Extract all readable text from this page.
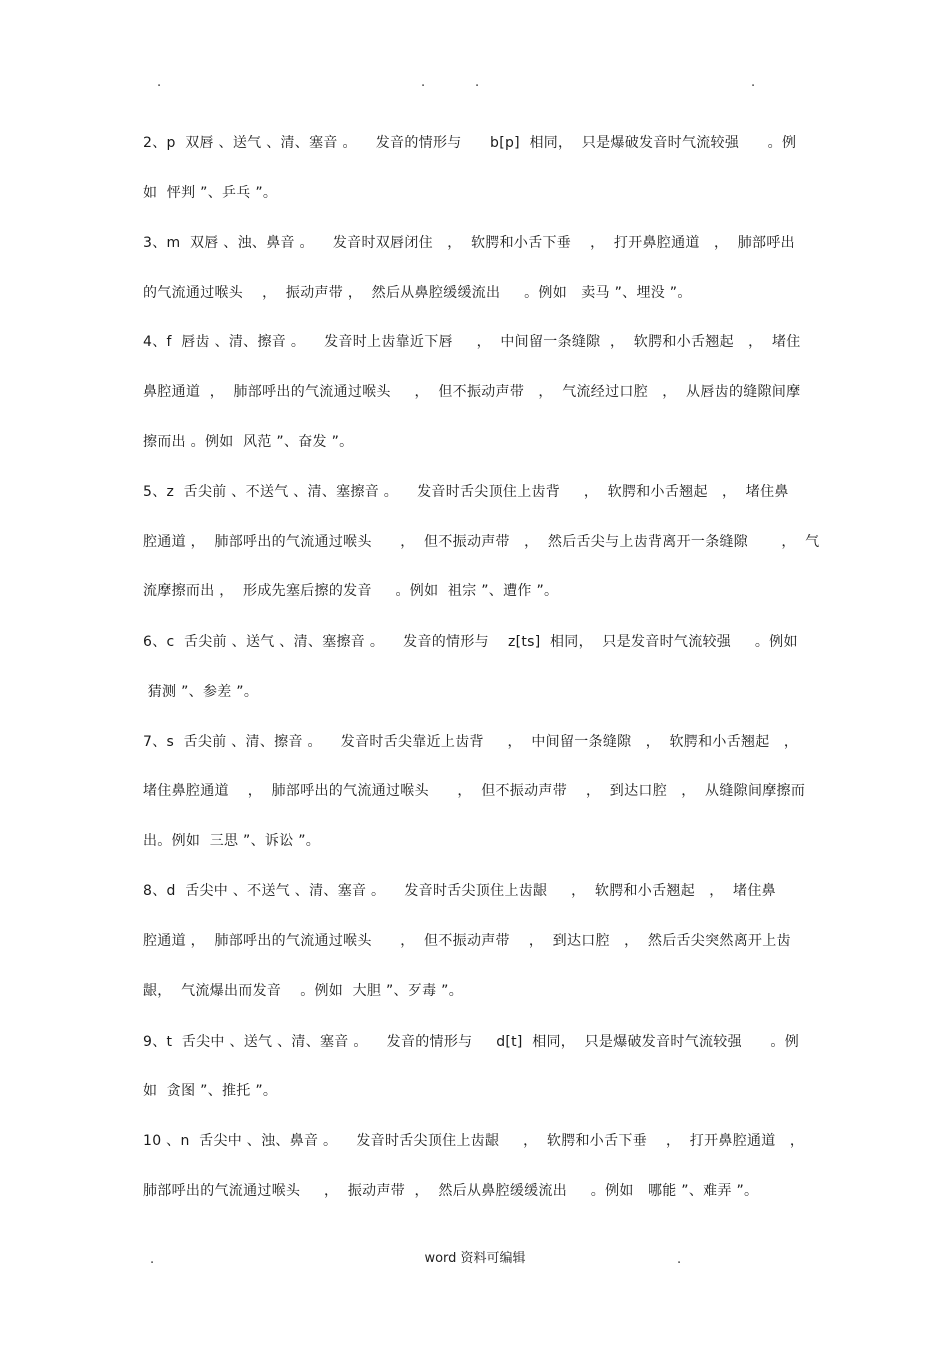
.	.	.	.
2、p  双唇 、送气 、清、塞音 。    发音的情形与      b[p]  相同，  只是爆破发音时气流较强      。例
如  怦判 ”、乒乓 ”。
3、m  双唇 、浊、鼻音 。    发音时双唇闭住   ，  软腭和小舌下垂    ，  打开鼻腔通道   ，  肺部呼出
的气流通过喉头    ，  振动声带 ，  然后从鼻腔缓缓流出     。例如   卖马 ”、埋没 ”。
4、f  唇齿 、清、擦音 。    发音时上齿靠近下唇     ，  中间留一条缝隙  ，  软腭和小舌翘起   ，  堵住
鼻腔通道  ，  肺部呼出的气流通过喉头     ，  但不振动声带   ，  气流经过口腔   ，  从唇齿的缝隙间摩
擦而出 。例如  风范 ”、奋发 ”。
5、z  舌尖前 、不送气 、清、塞擦音 。    发音时舌尖顶住上齿背     ，  软腭和小舌翘起   ，  堵住鼻
腔通道 ，  肺部呼出的气流通过喉头      ，  但不振动声带   ，  然后舌尖与上齿背离开一条缝隙       ，  气
流摩擦而出 ，  形成先塞后擦的发音     。例如  祖宗 ”、遭作 ”。
6、c  舌尖前 、送气 、清、塞擦音 。    发音的情形与    z[ts]  相同，  只是发音时气流较强     。例如
猜测 ”、参差 ”。
7、s  舌尖前 、清、擦音 。    发音时舌尖靠近上齿背     ，  中间留一条缝隙   ，  软腭和小舌翘起   ，
堵住鼻腔通道    ，  肺部呼出的气流通过喉头      ，  但不振动声带    ，  到达口腔   ，  从缝隙间摩擦而
出。例如  三思 ”、诉讼 ”。
8、d  舌尖中 、不送气 、清、塞音 。    发音时舌尖顶住上齿龈     ，  软腭和小舌翘起   ，  堵住鼻
腔通道 ，  肺部呼出的气流通过喉头      ，  但不振动声带    ，  到达口腔   ，  然后舌尖突然离开上齿
龈，  气流爆出而发音    。例如  大胆 ”、歹毒 ”。
9、t  舌尖中 、送气 、清、塞音 。    发音的情形与     d[t]  相同，  只是爆破发音时气流较强      。例
如  贪图 ”、推托 ”。
10 、n  舌尖中 、浊、鼻音 。    发音时舌尖顶住上齿龈     ，  软腭和小舌下垂    ，  打开鼻腔通道   ，
肺部呼出的气流通过喉头     ，  振动声带  ，  然后从鼻腔缓缓流出     。例如   哪能 ”、难弄 ”。
.	word 资料可编辑	.
